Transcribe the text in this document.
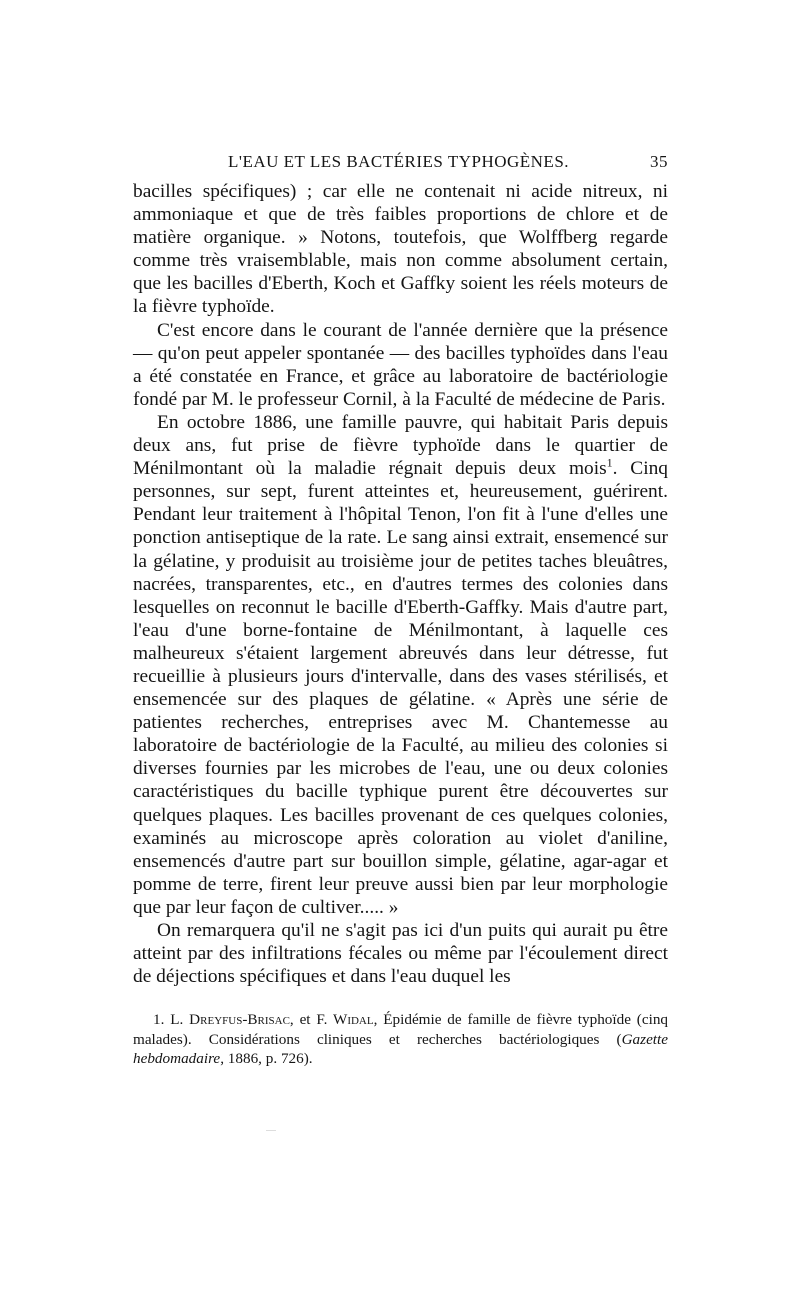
L'EAU ET LES BACTÉRIES TYPHOGÈNES.	35

bacilles spécifiques) ; car elle ne contenait ni acide nitreux, ni ammoniaque et que de très faibles proportions de chlore et de matière organique. » Notons, toutefois, que Wolffberg regarde comme très vraisemblable, mais non comme absolument certain, que les bacilles d'Eberth, Koch et Gaffky soient les réels moteurs de la fièvre typhoïde.

C'est encore dans le courant de l'année dernière que la présence — qu'on peut appeler spontanée — des bacilles typhoïdes dans l'eau a été constatée en France, et grâce au laboratoire de bactériologie fondé par M. le professeur Cornil, à la Faculté de médecine de Paris.

En octobre 1886, une famille pauvre, qui habitait Paris depuis deux ans, fut prise de fièvre typhoïde dans le quartier de Ménilmontant où la maladie régnait depuis deux mois$^1$. Cinq personnes, sur sept, furent atteintes et, heureusement, guérirent. Pendant leur traitement à l'hôpital Tenon, l'on fit à l'une d'elles une ponction antiseptique de la rate. Le sang ainsi extrait, ensemencé sur la gélatine, y produisit au troisième jour de petites taches bleuâtres, nacrées, transparentes, etc., en d'autres termes des colonies dans lesquelles on reconnut le bacille d'Eberth-Gaffky. Mais d'autre part, l'eau d'une borne-fontaine de Ménilmontant, à laquelle ces malheureux s'étaient largement abreuvés dans leur détresse, fut recueillie à plusieurs jours d'intervalle, dans des vases stérilisés, et ensemencée sur des plaques de gélatine. « Après une série de patientes recherches, entreprises avec M. Chantemesse au laboratoire de bactériologie de la Faculté, au milieu des colonies si diverses fournies par les microbes de l'eau, une ou deux colonies caractéristiques du bacille typhique purent être découvertes sur quelques plaques. Les bacilles provenant de ces quelques colonies, examinés au microscope après coloration au violet d'aniline, ensemencés d'autre part sur bouillon simple, gélatine, agar-agar et pomme de terre, firent leur preuve aussi bien par leur morphologie que par leur façon de cultiver..... »

On remarquera qu'il ne s'agit pas ici d'un puits qui aurait pu être atteint par des infiltrations fécales ou même par l'écoulement direct de déjections spécifiques et dans l'eau duquel les

1. L. Dreyfus-Brisac, et F. Widal, Épidémie de famille de fièvre typhoïde (cinq malades). Considérations cliniques et recherches bactériologiques (Gazette hebdomadaire, 1886, p. 726).
